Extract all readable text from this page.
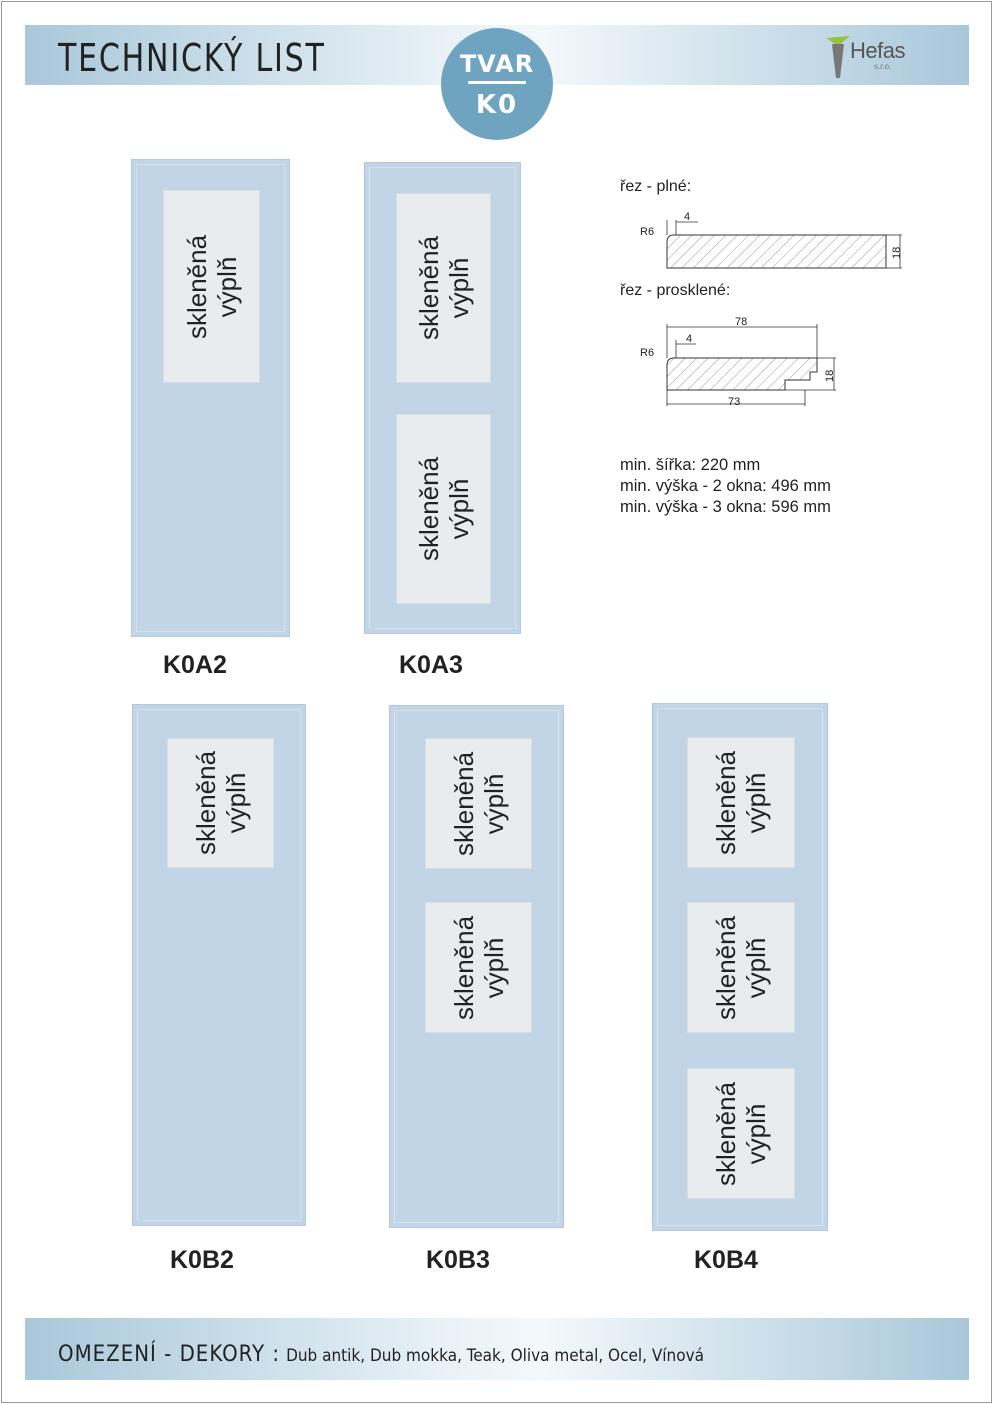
TECHNICKÝ LIST	TVAR
K0
Hefas
s.r.o.
skleněná výplň
K0A2
skleněná výplň
skleněná výplň
K0A3
skleněná výplň
K0B2
skleněná výplň
skleněná výplň
K0B3
skleněná výplň
skleněná výplň
skleněná výplň
K0B4
řez - plné:
4
R6
18
řez - prosklené:
78
4
R6
73
18
min. šířka: 220 mm
min. výška - 2 okna: 496 mm
min. výška - 3 okna: 596 mm
OMEZENÍ - DEKORY : Dub antik, Dub mokka, Teak, Oliva metal, Ocel, Vínová
